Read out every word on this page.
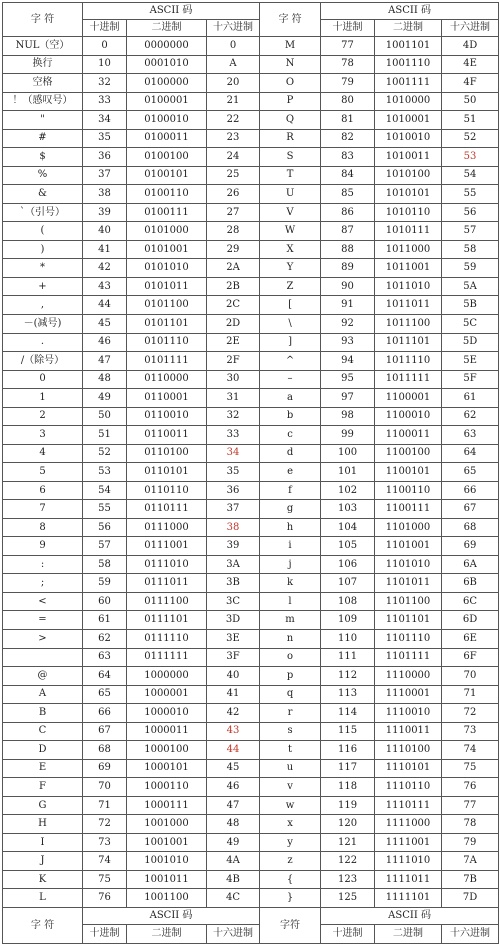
字 符	ASCII 码			字 符	ASCII 码		
	十进制	二进制	十六进制		十进制	二进制	十六进制
NUL（空）	0	0000000	0	M	77	1001101	4D
换行	10	0001010	A	N	78	1001110	4E
空格	32	0100000	20	O	79	1001111	4F
！（感叹号）	33	0100001	21	P	80	1010000	50
"	34	0100010	22	Q	81	1010001	51
#	35	0100011	23	R	82	1010010	52
$	36	0100100	24	S	83	1010011	53
%	37	0100101	25	T	84	1010100	54
&	38	0100110	26	U	85	1010101	55
`（引号）	39	0100111	27	V	86	1010110	56
(	40	0101000	28	W	87	1010111	57
)	41	0101001	29	X	88	1011000	58
*	42	0101010	2A	Y	89	1011001	59
+	43	0101011	2B	Z	90	1011010	5A
,	44	0101100	2C	[	91	1011011	5B
－(减号)	45	0101101	2D	\	92	1011100	5C
.	46	0101110	2E	]	93	1011101	5D
/（除号）	47	0101111	2F	^	94	1011110	5E
0	48	0110000	30	–	95	1011111	5F
1	49	0110001	31	a	97	1100001	61
2	50	0110010	32	b	98	1100010	62
3	51	0110011	33	c	99	1100011	63
4	52	0110100	34	d	100	1100100	64
5	53	0110101	35	e	101	1100101	65
6	54	0110110	36	f	102	1100110	66
7	55	0110111	37	g	103	1100111	67
8	56	0111000	38	h	104	1101000	68
9	57	0111001	39	i	105	1101001	69
:	58	0111010	3A	j	106	1101010	6A
;	59	0111011	3B	k	107	1101011	6B
<	60	0111100	3C	l	108	1101100	6C
=	61	0111101	3D	m	109	1101101	6D
>	62	0111110	3E	n	110	1101110	6E
	63	0111111	3F	o	111	1101111	6F
@	64	1000000	40	p	112	1110000	70
A	65	1000001	41	q	113	1110001	71
B	66	1000010	42	r	114	1110010	72
C	67	1000011	43	s	115	1110011	73
D	68	1000100	44	t	116	1110100	74
E	69	1000101	45	u	117	1110101	75
F	70	1000110	46	v	118	1110110	76
G	71	1000111	47	w	119	1110111	77
H	72	1001000	48	x	120	1111000	78
I	73	1001001	49	y	121	1111001	79
J	74	1001010	4A	z	122	1111010	7A
K	75	1001011	4B	{	123	1111011	7B
L	76	1001100	4C	}	125	1111101	7D
字 符	ASCII 码			字符	ASCII 码		
	十进制	二进制	十六进制		十进制	二进制	十六进制
